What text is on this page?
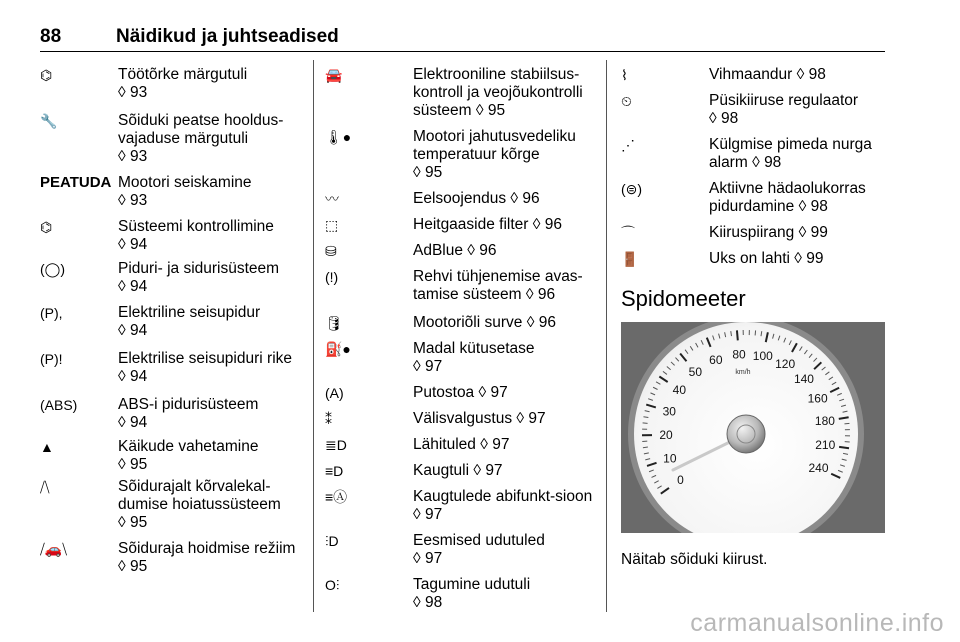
88	Näidikud ja juhtseadised
⌬	Töötõrke märgutuli
◊ 93
🔧	Sõiduki peatse hooldus-vajaduse märgutuli
◊ 93
PEATUDA Mootori seiskamine
◊ 93
⌬	Süsteemi kontrollimine
◊ 94
(◯)	Piduri- ja sidurisüsteem
◊ 94
(P),	Elektriline seisupidur
◊ 94
(P)!	Elektrilise seisupiduri rike ◊ 94
(ABS)	ABS-i pidurisüsteem
◊ 94
▲	Käikude vahetamine
◊ 95
⧸⧹	Sõidurajalt kõrvalekal-dumise hoiatussüsteem
◊ 95
⧸🚗⧹	Sõiduraja hoidmise režiim ◊ 95
🚘	Elektrooniline stabiilsus-kontroll ja veojõukontrolli süsteem ◊ 95
🌡●	Mootori jahutusvedeliku temperatuur kõrge
◊ 95
〰	Eelsoojendus ◊ 96
⬚	Heitgaaside filter ◊ 96
⛁	AdBlue ◊ 96
(!)	Rehvi tühjenemise avas-tamise süsteem ◊ 96
🛢	Mootoriõli surve ◊ 96
⛽●	Madal kütusetase
◊ 97
(A)	Putostoa ◊ 97
⁑	Välisvalgustus ◊ 97
≣D	Lähituled ◊ 97
≡D	Kaugtuli ◊ 97
≡Ⓐ	Kaugtulede abifunkt-sioon ◊ 97
⫶D	Eesmised udutuled
◊ 97
O⫶	Tagumine udutuli
◊ 98
⌇	Vihmaandur ◊ 98
⏲	Püsikiiruse regulaator
◊ 98
⋰	Külgmise pimeda nurga alarm ◊ 98
(⊜)	Aktiivne hädaolukorras pidurdamine ◊ 98
⌒	Kiiruspiirang ◊ 99
🚪	Uks on lahti ◊ 99
Spidomeeter
0
10
20
30
40
50
60 80 100
120
140
160
180
210
240
km/h
Näitab sõiduki kiirust.
carmanualsonline.info
